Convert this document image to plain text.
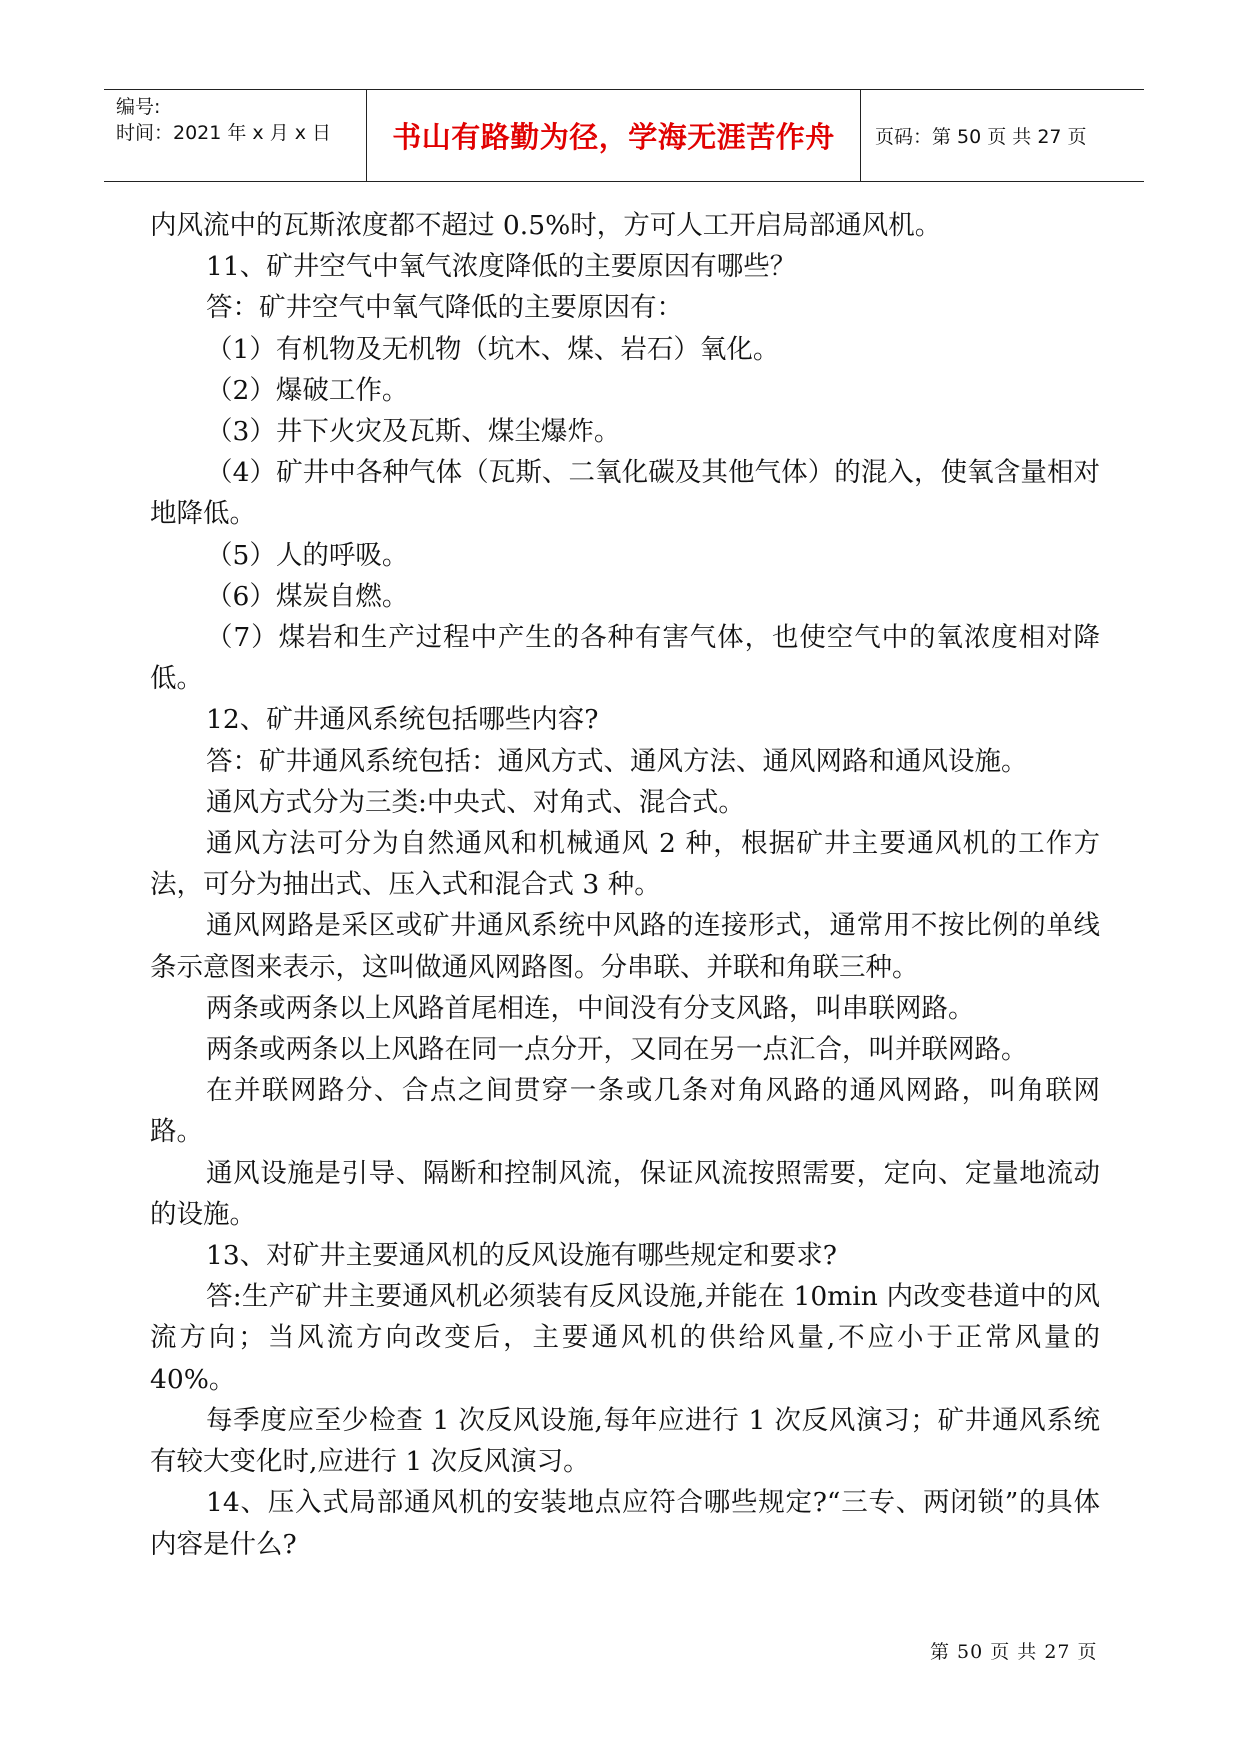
编号:
时间：2021 年 x 月 x 日	书山有路勤为径，学海无涯苦作舟 页码：第 50 页 共 27 页

内风流中的瓦斯浓度都不超过 0.5%时，方可人工开启局部通风机。

11、矿井空气中氧气浓度降低的主要原因有哪些？

答：矿井空气中氧气降低的主要原因有：

（1）有机物及无机物（坑木、煤、岩石）氧化。

（2）爆破工作。

（3）井下火灾及瓦斯、煤尘爆炸。

（4）矿井中各种气体（瓦斯、二氧化碳及其他气体）的混入，使氧含量相对地降低。

（5）人的呼吸。

（6）煤炭自燃。

（7）煤岩和生产过程中产生的各种有害气体，也使空气中的氧浓度相对降低。

12、矿井通风系统包括哪些内容?

答：矿井通风系统包括：通风方式、通风方法、通风网路和通风设施。

通风方式分为三类:中央式、对角式、混合式。

通风方法可分为自然通风和机械通风 2 种，根据矿井主要通风机的工作方法，可分为抽出式、压入式和混合式 3 种。

通风网路是采区或矿井通风系统中风路的连接形式，通常用不按比例的单线条示意图来表示，这叫做通风网路图。分串联、并联和角联三种。

两条或两条以上风路首尾相连，中间没有分支风路，叫串联网路。

两条或两条以上风路在同一点分开，又同在另一点汇合，叫并联网路。

在并联网路分、合点之间贯穿一条或几条对角风路的通风网路，叫角联网路。

通风设施是引导、隔断和控制风流，保证风流按照需要，定向、定量地流动的设施。

13、对矿井主要通风机的反风设施有哪些规定和要求?

答:生产矿井主要通风机必须装有反风设施,并能在 10min 内改变巷道中的风流方向；当风流方向改变后，主要通风机的供给风量,不应小于正常风量的 40%。

每季度应至少检查 1 次反风设施,每年应进行 1 次反风演习；矿井通风系统有较大变化时,应进行 1 次反风演习。

14、压入式局部通风机的安装地点应符合哪些规定?“三专、两闭锁”的具体内容是什么?

第 50 页 共 27 页
